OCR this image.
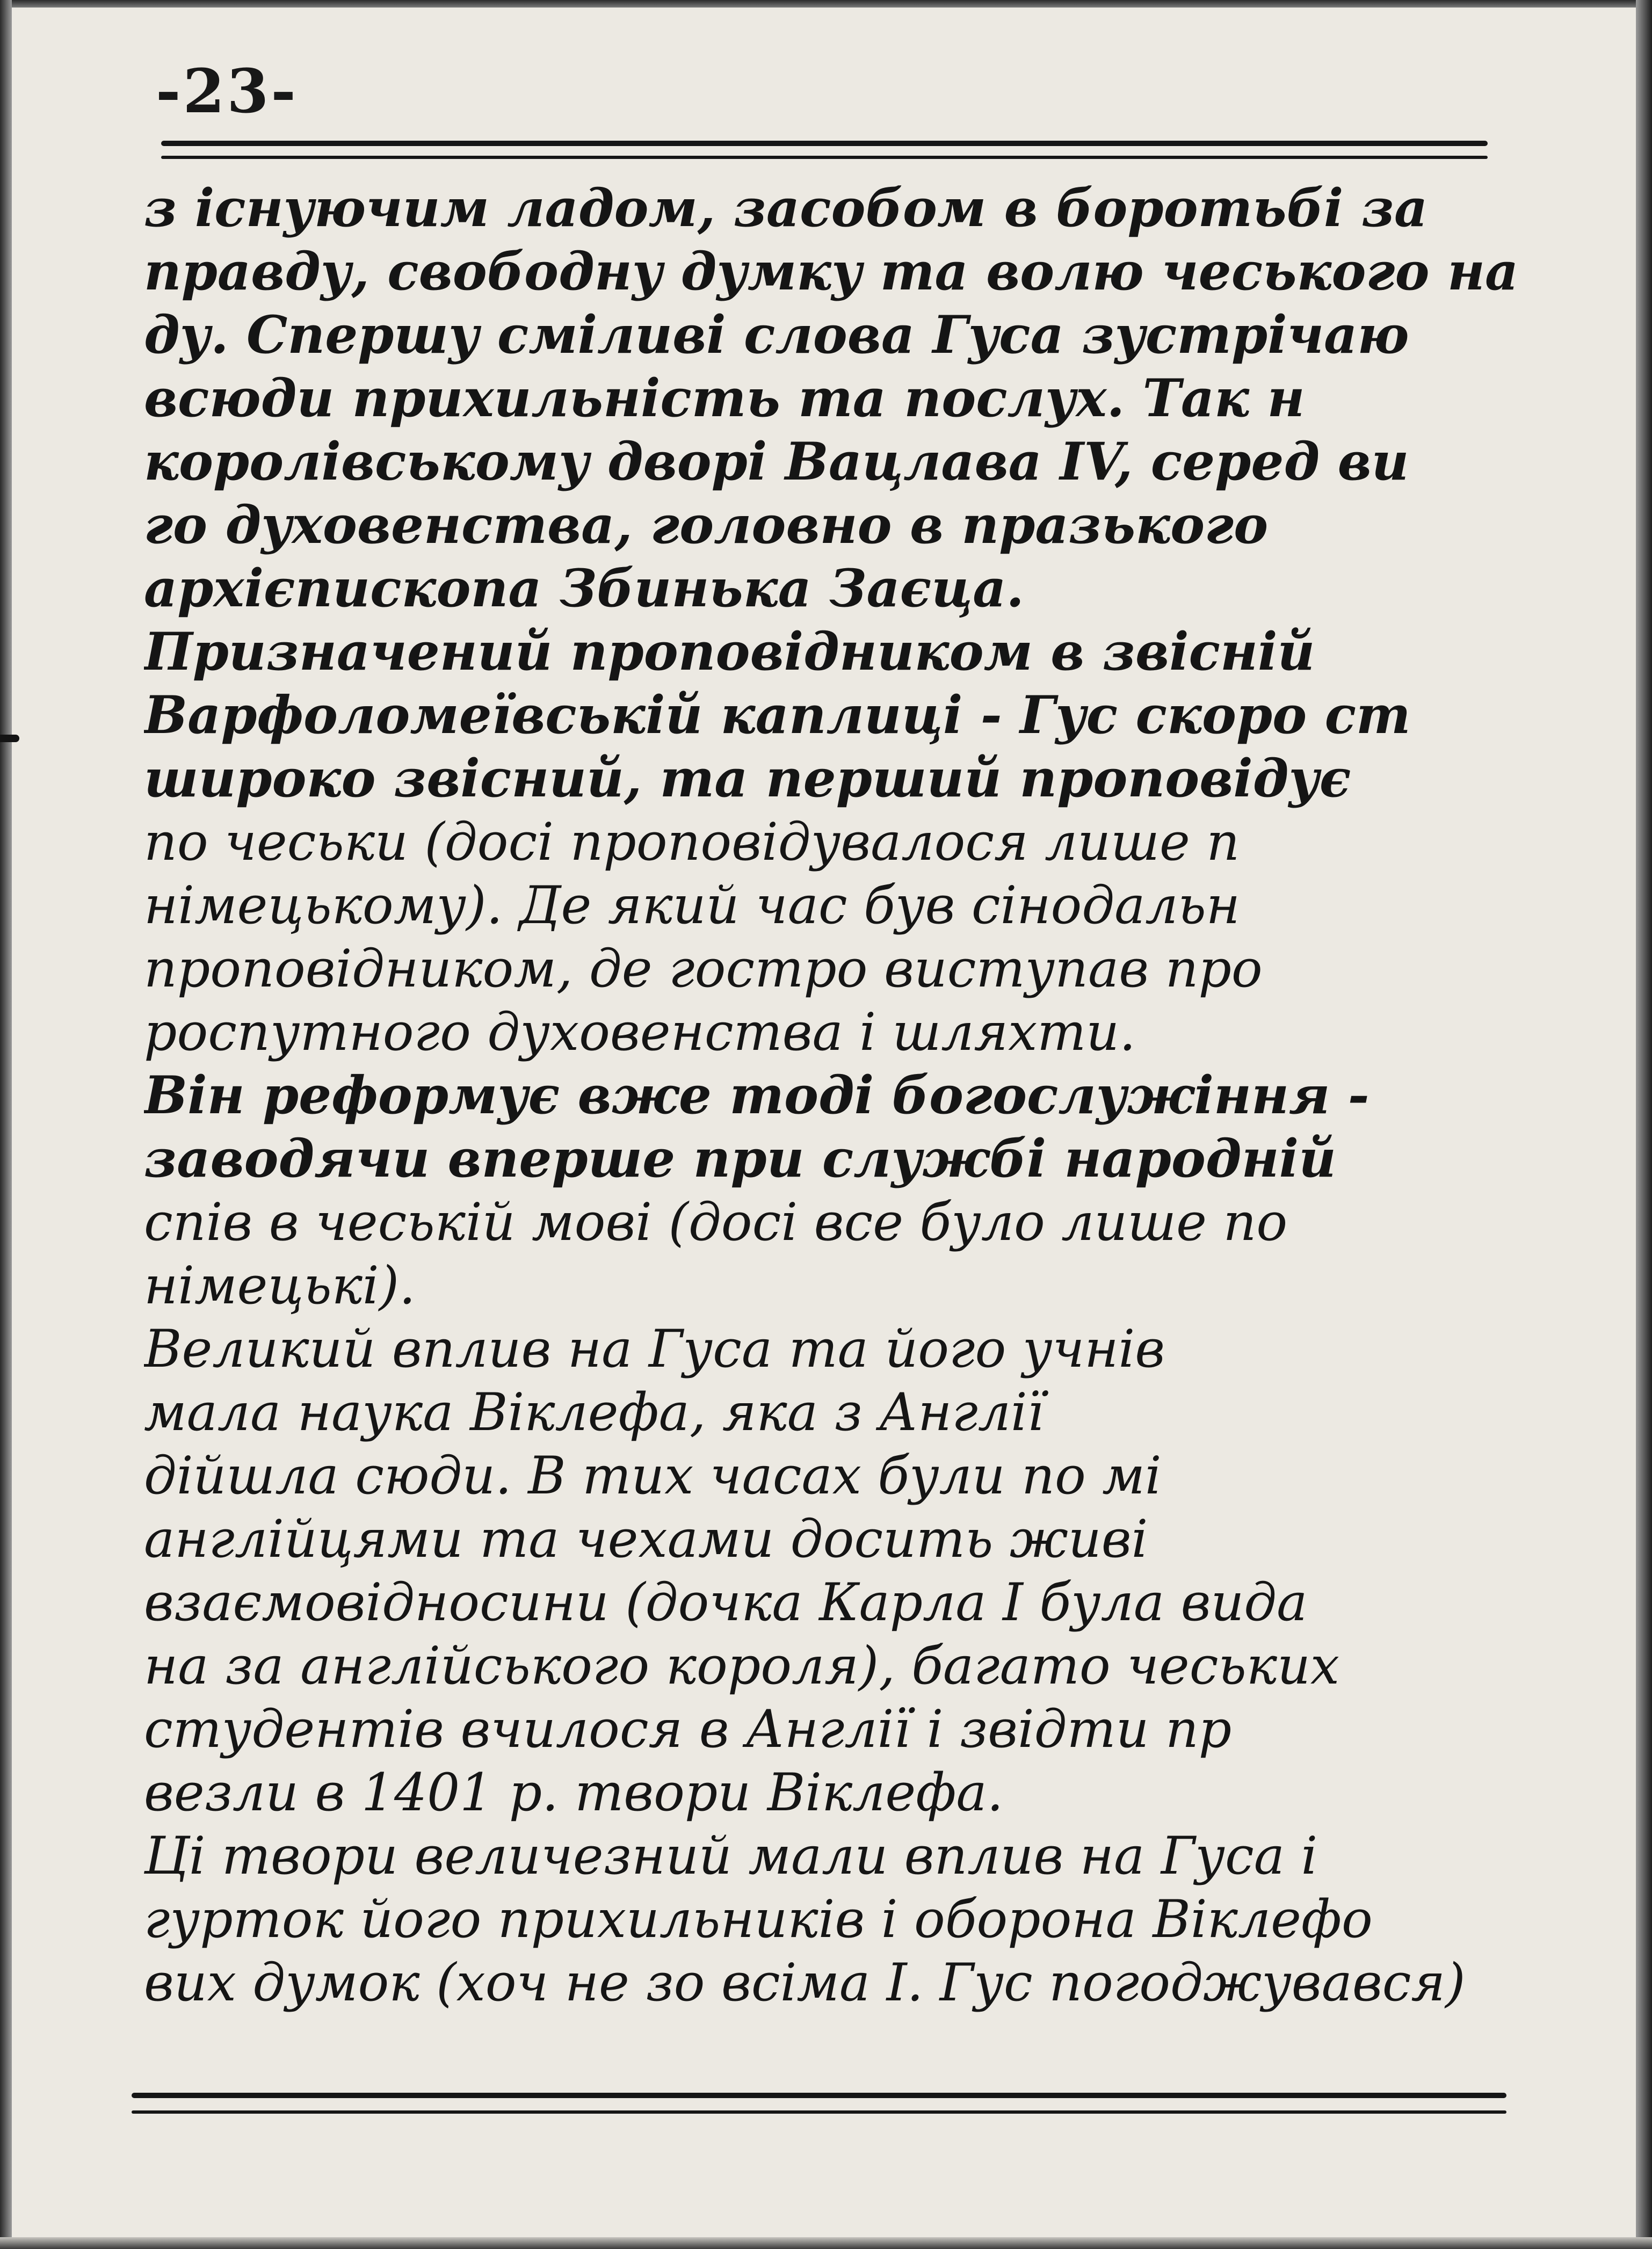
-23-
з існуючим ладом, засобом в боротьбі за
правду, свободну думку та волю чеського на
ду. Спершу сміливі слова Гуса зустрічаю
всюди прихильність та послух. Так н
королівському дворі Вацлава IV, серед ви
го духовенства, головно в празького
архієпископа Збинька Заєца.
Призначений проповідником в звісній
Варфоломеївській каплиці - Гус скоро ст
широко звісний, та перший проповідує
по чеськи (досі проповідувалося лише п
німецькому). Де який час був сінодальн
проповідником, де гостро виступав про
роспутного духовенства і шляхти.
Він реформує вже тоді богослужіння -
заводячи вперше при службі народній
спів в чеській мові (досі все було лише по
німецькі).
Великий вплив на Гуса та його учнів
мала наука Віклефа, яка з Англії
дійшла сюди. В тих часах були по мі
англійцями та чехами досить живі
взаємовідносини (дочка Карла I була вида
на за англійського короля), багато чеських
студентів вчилося в Англії і звідти пр
везли в 1401 р. твори Віклефа.
Ці твори величезний мали вплив на Гуса і
гурток його прихильників і оборона Віклефо
вих думок (хоч не зо всіма І. Гус погоджувався)
